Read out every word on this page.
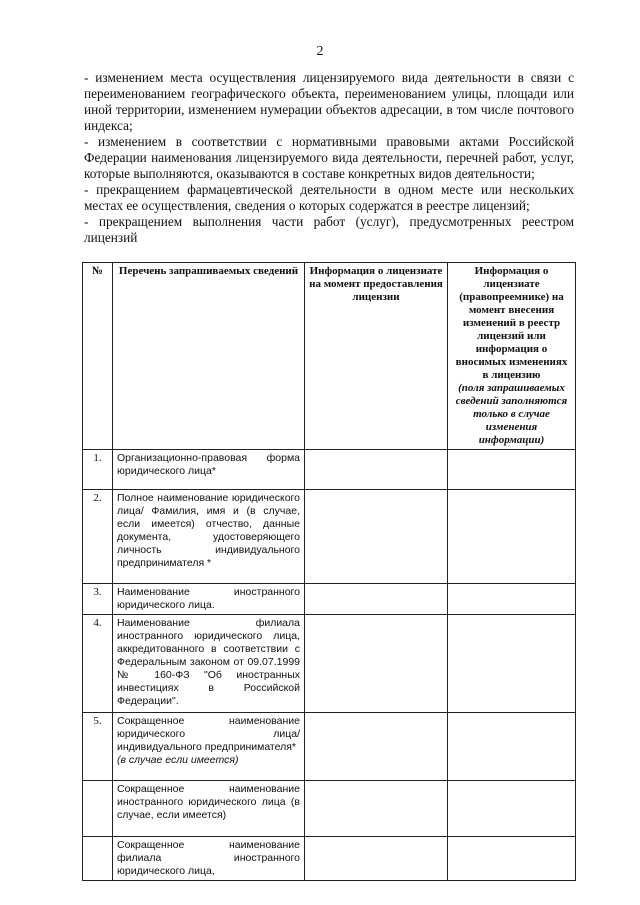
2

- изменением места осуществления лицензируемого вида деятельности в связи с переименованием географического объекта, переименованием улицы, площади или иной территории, изменением нумерации объектов адресации, в том числе почтового индекса;

- изменением в соответствии с нормативными правовыми актами Российской Федерации наименования лицензируемого вида деятельности, перечней работ, услуг, которые выполняются, оказываются в составе конкретных видов деятельности;

- прекращением фармацевтической деятельности в одном месте или нескольких местах ее осуществления, сведения о которых содержатся в реестре лицензий;

- прекращением выполнения части работ (услуг), предусмотренных реестром лицензий

№	Перечень запрашиваемых сведений	Информация о лицензиате на момент предоставления лицензии	Информация о лицензиате (правопреемнике) на момент внесения изменений в реестр лицензий или информация о вносимых изменениях в лицензию
(поля запрашиваемых сведений заполняются только в случае изменения информации)

1.	Организационно-правовая форма юридического лица*		
2.	Полное наименование юридического лица/ Фамилия, имя и (в случае, если имеется) отчество, данные документа, удостоверяющего личность индивидуального предпринимателя *		
3.	Наименование иностранного юридического лица.		
4.	Наименование филиала иностранного юридического лица, аккредитованного в соответствии с Федеральным законом от 09.07.1999 № 160-ФЗ "Об иностранных инвестициях в Российской Федерации".		
5.	Сокращенное наименование юридического лица/ индивидуального предпринимателя*
(в случае если имеется)		

	Сокращенное наименование иностранного юридического лица (в случае, если имеется)		
	Сокращенное наименование филиала иностранного юридического лица,		
